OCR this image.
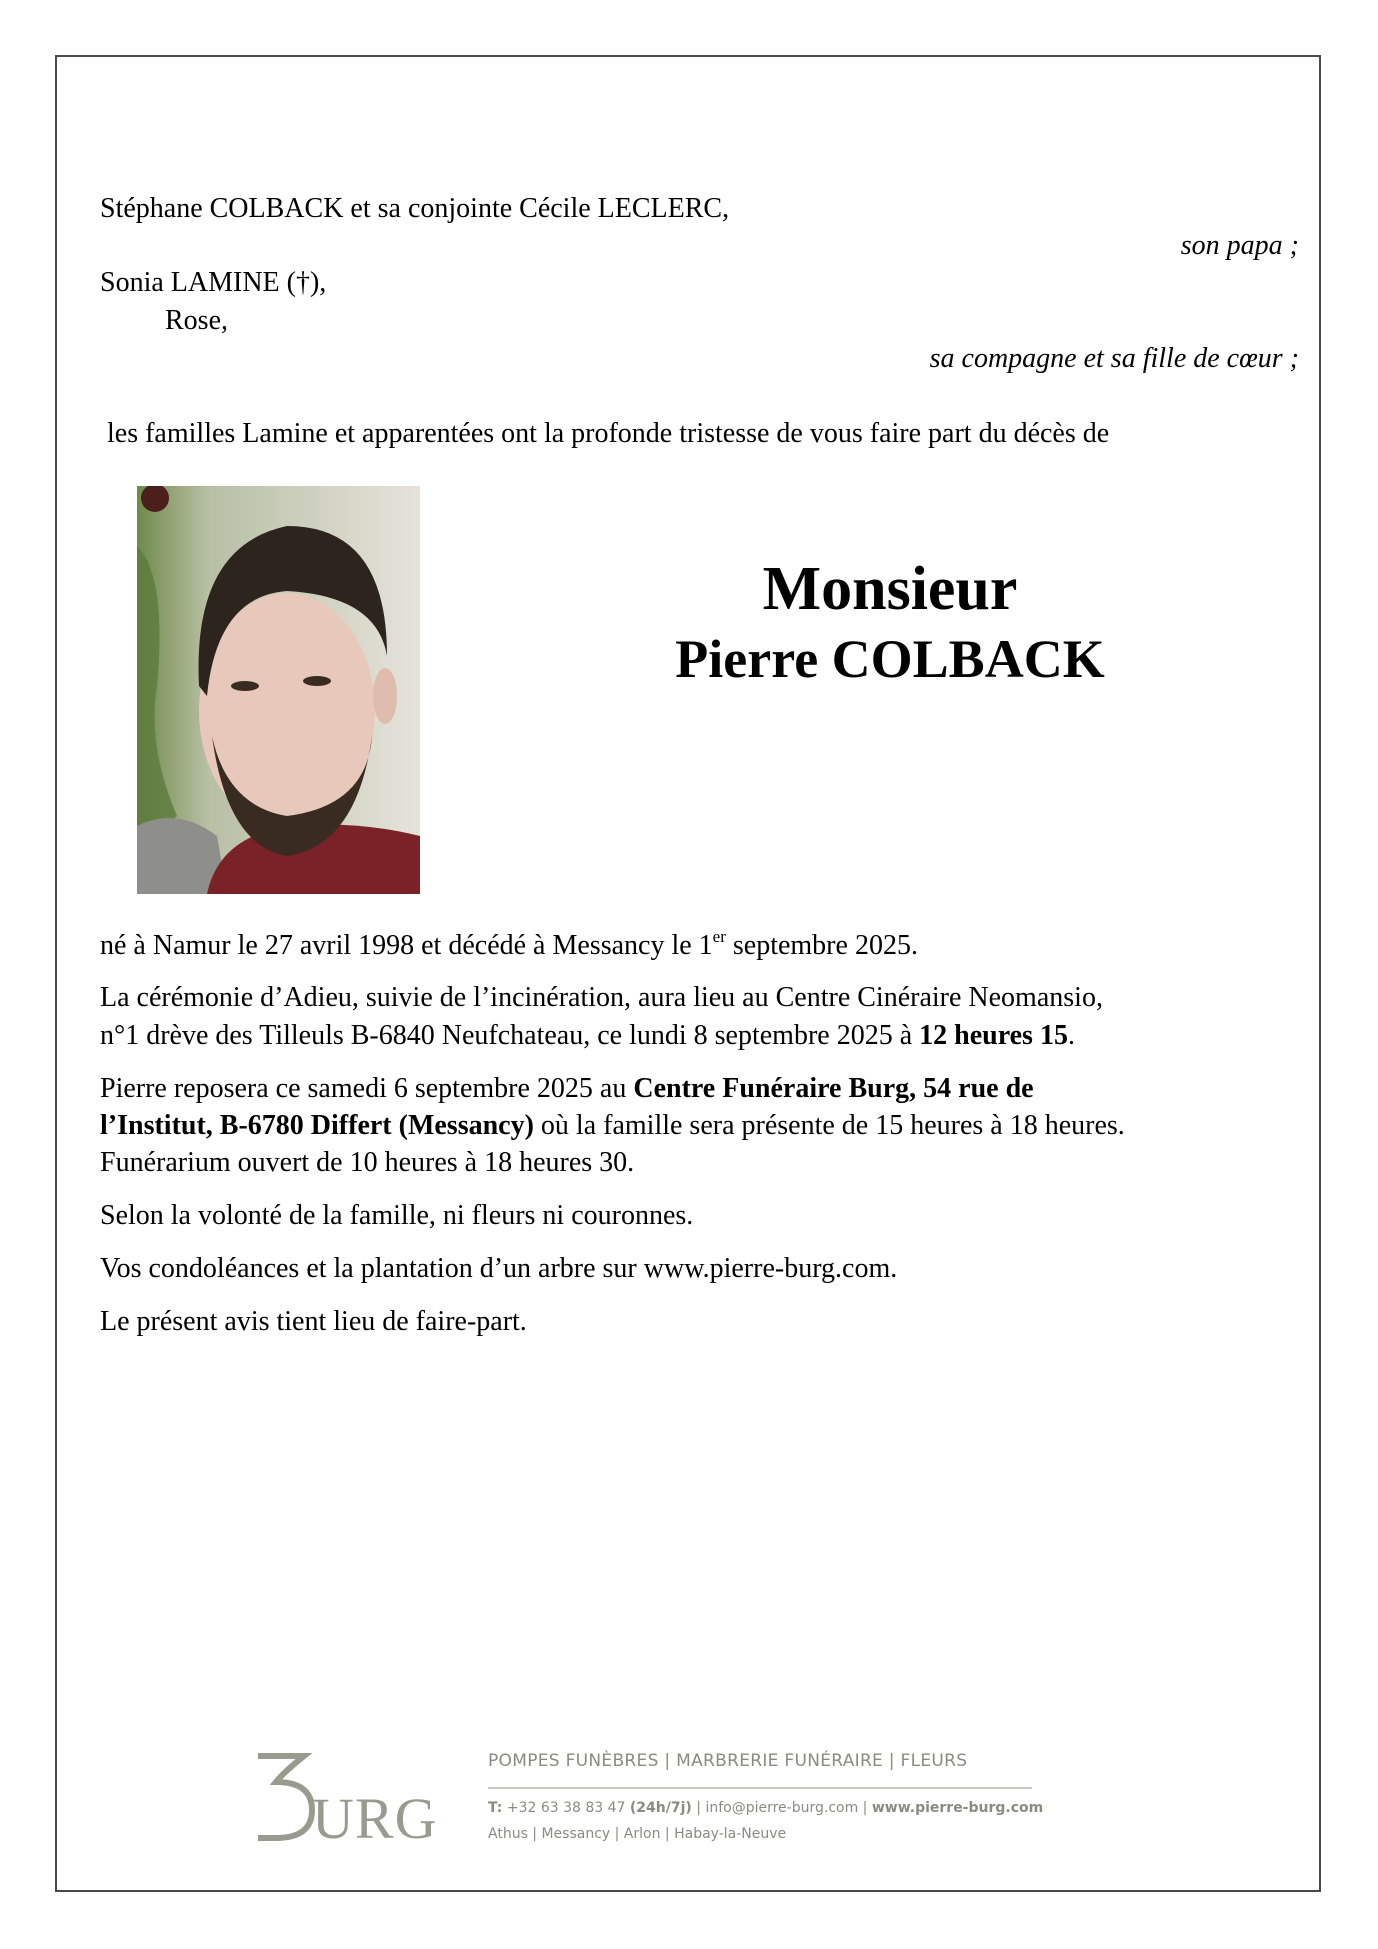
Stéphane COLBACK et sa conjointe Cécile LECLERC,
son papa ;
Sonia LAMINE (†),
Rose,
sa compagne et sa fille de cœur ;
les familles Lamine et apparentées ont la profonde tristesse de vous faire part du décès de
Monsieur
Pierre COLBACK
né à Namur le 27 avril 1998 et décédé à Messancy le 1er septembre 2025.
La cérémonie d’Adieu, suivie de l’incinération, aura lieu au Centre Cinéraire Neomansio,
n°1 drève des Tilleuls B-6840 Neufchateau, ce lundi 8 septembre 2025 à 12 heures 15.
Pierre reposera ce samedi 6 septembre 2025 au Centre Funéraire Burg, 54 rue de
l’Institut, B-6780 Differt (Messancy) où la famille sera présente de 15 heures à 18 heures.
Funérarium ouvert de 10 heures à 18 heures 30.
Selon la volonté de la famille, ni fleurs ni couronnes.
Vos condoléances et la plantation d’un arbre sur www.pierre-burg.com.
Le présent avis tient lieu de faire-part.
URG
POMPES FUNÈBRES | MARBRERIE FUNÉRAIRE | FLEURS
T: +32 63 38 83 47 (24h/7j) | info@pierre-burg.com | www.pierre-burg.com
Athus | Messancy | Arlon | Habay-la-Neuve
